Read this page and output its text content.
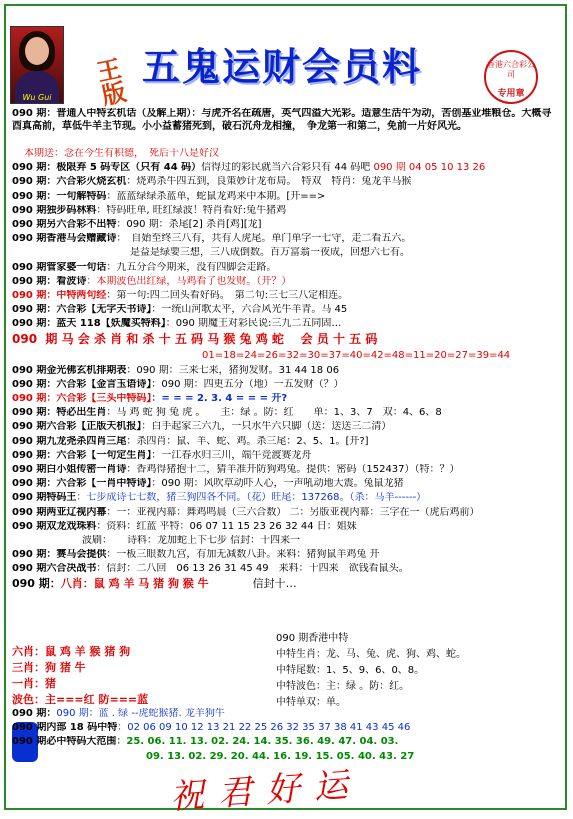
Wu Gui
王
版
五鬼运财会员料	香港六合彩公司
专用章
090 期：普通人中特玄机话（及解上期）：与虎齐名在疏唐，英气四溢大光彩。适意生活午为动，苦创基业堆粮仓。大概寻酉真高前，草低牛羊主节现。小小益蓄猪死到，破石沉舟龙相撞，　争龙第一和第二，免前一片好风光。
本期送：念在今生有积德，　死后十八是好汉
090 期：极限弃 5 码专区（只有 44 码）信得过的彩民就当六合彩只有 44 码吧 090 期 04 05 10 13 26
090 期：六合彩火烧玄机：烧鸡杀牛四五到，良策妙计龙布局。　特双　特肖：兔龙羊马猴
090 期：一句解特码：蓝蓝绿绿杀蓝单，蛇鼠龙鸡来中本期。[开==>
090 期独步码林料：特码旺单, 旺红绿波！特肖看好:兔牛猪鸡
090 期另六合彩不出特：090 期：杀尾[2] 杀肖[鸡][龙]
090 期香港马会赠藏诗：　自始至终三八有，共有人虎尾。单门单字一七守，走二看五六。
是益是绿要三想，三八成倒数。百万富翁一夜成，回想六七有。
090 期管家婆一句话：九五分合今期来，没有四脚会走路。
090 期：看波诗：本期波色出红绿，马鸡看了也发财。（开？）
090 期：中特两句经：第一句:四二回头看好码。　第二句:三七三八定相连。
090 期：六合彩【无字天书诗】：一统山河歌太平，六合风光牛羊青。马 45
090 期：蓝天 118【妖魔买特料】：090 期魔王对彩民说:三九二五同固…
090 期 马 会 杀 肖 和 杀 十 五 码 马 猴 兔 鸡 蛇 会 员 十 五 码
01=18=24=26=32=30=37=40=42=48=11=20=27=39=44
090 期金光佛玄机排期表：090 期：三来七来，猪狗发财。31 44 18 06
090 期：六合彩【金言玉语诗】：090 期：四更五分（地）一五发财（？）
090 期：六合彩【三头中特码】：= = = 2. 3. 4 = = = 开?
090 期：特必出生肖：马 鸡 蛇 狗 兔 虎 。　　主：绿 。防：红　　单：1、3、7　双：4、6、8
090 期六合彩【正版天机报】：白手起家三六九，一只水牛六只脚（送：送送三二清）
090 期九龙尧杀四肖三尾：杀四肖：鼠、羊、蛇、鸡。杀三尾：2、5、1。[开?]
090 期：六合彩【一句定生肖】：一江春水归三川，端午竞渡赛龙舟
090 期白小姐传密一肖诗：香鸡得猪抱十二，猜羊准开防狗鸡兔。提供：密码（152437）（特：？）
090 期：六合彩【一肖中特诗】：090 期：风吹草动吓人心，一声吼动地大震。兔鼠龙猪
090 期特码王：七步成诗七七数，猪三狗四各不同。（花）旺尾：137268。（杀：马羊------）
090 期两亚辽视内幕：一：亚视内幕：舞鸡鸣晨（三六合数） 二：另版亚视内幕：三字在一（虎后鸡前）
090 期双龙戏珠料：资料：红蓝 平特：06 07 11 15 23 26 32 44 日：姐妹
波刷：　　诗料：龙加蛇上下七步 信封：十四来一
090 期：赛马会提供：一板三眼数九宫，有加无减数八卦。来料：猪狗鼠羊鸡兔 开
090 期六合决战书：信封：二八回　06 13 26 31 45 49　来料：十四来　欲钱看鼠头。
090 期：八肖：鼠 鸡 羊 马 猪 狗 猴 牛　　　　信封十…
六肖：鼠 鸡 羊 猴 猪 狗
三肖：狗 猪 牛
一肖：猪
波色：主===红 防===蓝
090 期香港中特
中特生肖：龙、马、兔、虎、狗、鸡、蛇。
中特尾数：1、5、9、6、0、8。
中特波色：主：绿 。防：红。
中特单双：单。
090 期：090 期：蓝 . 绿 --虎蛇猴猪. 龙羊狗牛
090 期内部 18 码中特：02 06 09 10 12 13 21 22 25 26 32 35 37 38 41 43 45 46
090 期必中特码大范围：25. 06. 11. 13. 02. 24. 14. 35. 36. 49. 47. 04. 03.
09. 13. 02. 29. 20. 44. 16. 19. 15. 05. 40. 43. 27
祝君好运
